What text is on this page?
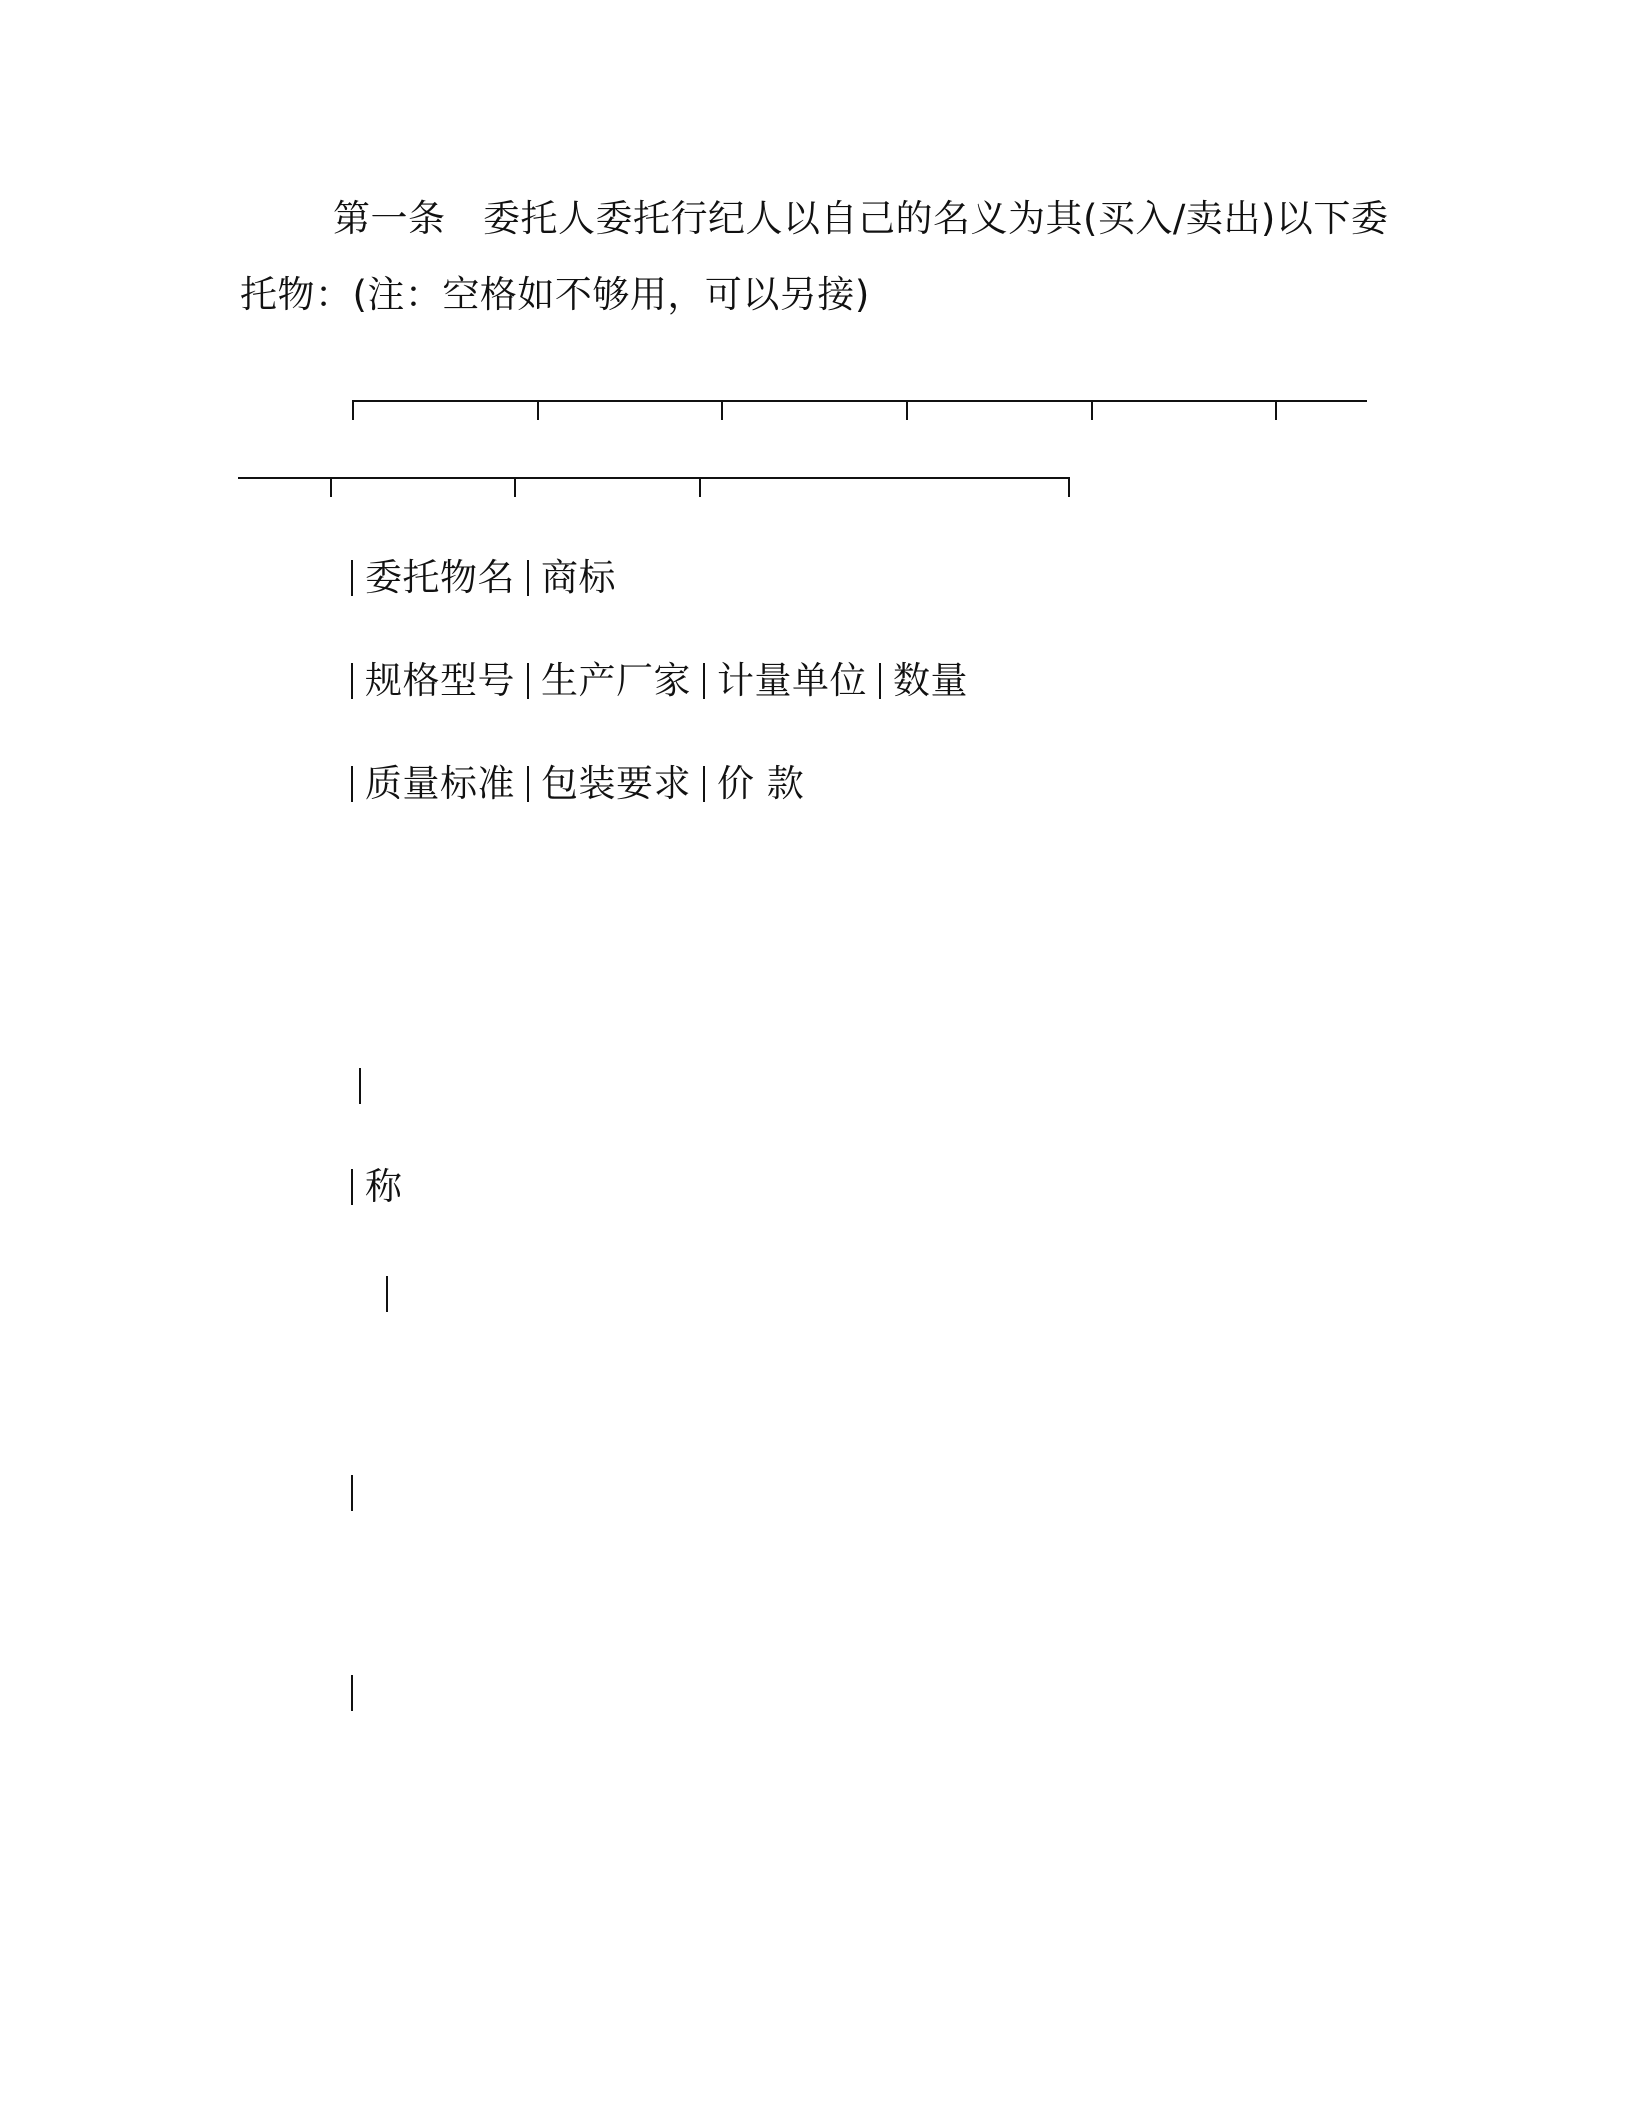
第一条　委托人委托行纪人以自己的名义为其(买入/卖出)以下委
托物：(注：空格如不够用，可以另接)
委托物名 商标
规格型号 生产厂家 计量单位 数量
质量标准 包装要求 价 款
称
